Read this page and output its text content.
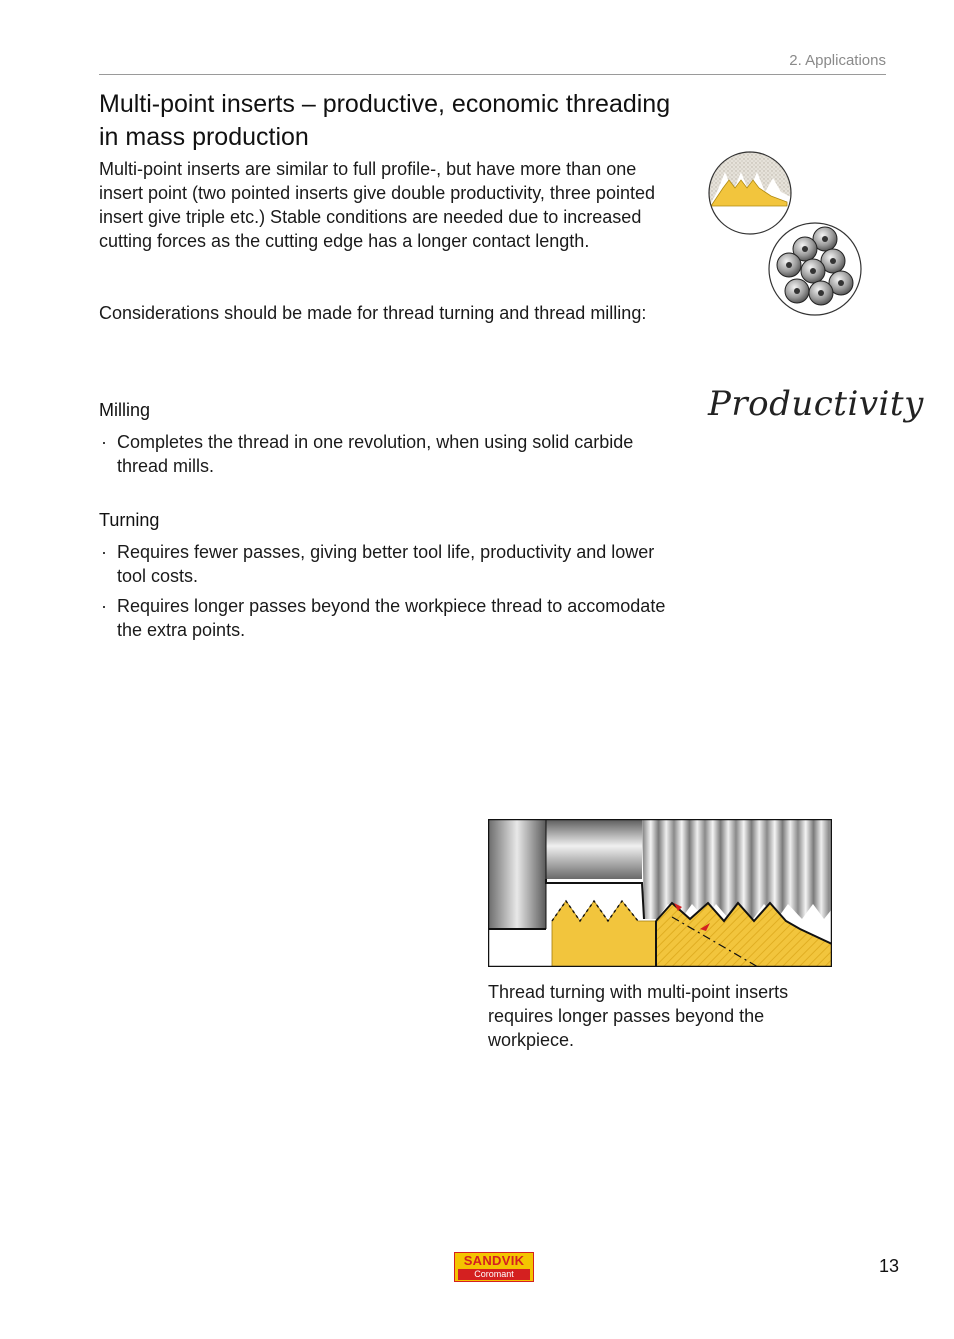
2. Applications
Multi-point inserts – productive, economic threading in mass production

Multi-point inserts are similar to full profile-, but have more than one insert point (two pointed inserts give double productivity, three pointed insert give triple etc.) Stable conditions are needed due to increased cutting forces as the cutting edge has a longer contact length.

Considerations should be made for thread turning and thread milling:

Milling
· Completes the thread in one revolution, when using solid carbide thread mills.
Turning
· Requires fewer passes, giving better tool life, productivity and lower tool costs.
· Requires longer passes beyond the workpiece thread to accomodate the extra points.
Productivity

Thread turning with multi-point inserts requires longer passes beyond the workpiece.

SANDVIK
Coromant	13
